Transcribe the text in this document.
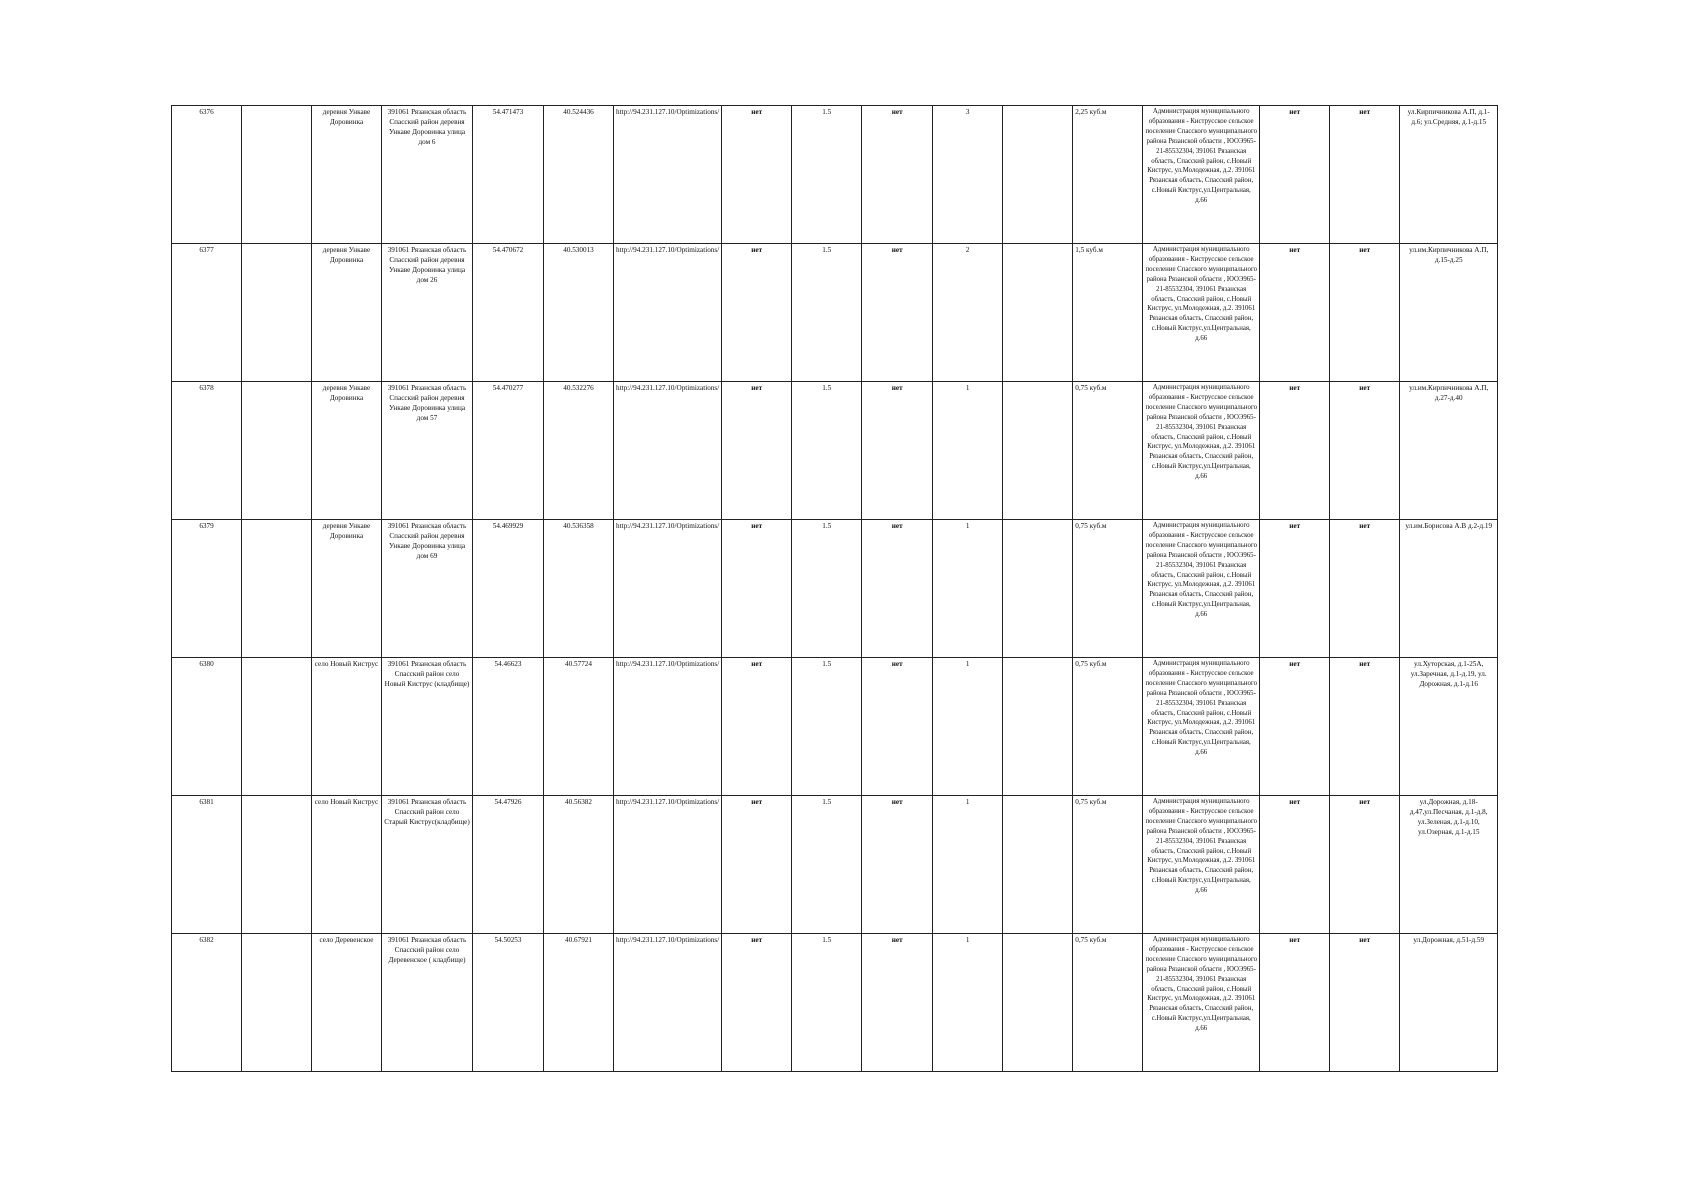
6376		деревня Ункаве Доровинка	391061 Рязанская область Спасский район деревня Ункаве Доровинка улица дом 6	54.471473	40.524436	http://94.231.127.10/Optimizations/	нет	1.5	нет	3		2,25 куб.м	Администрация муниципального образования - Киструсское сельское поселение Спасского муниципального района Рязанской области , ЮОЭ965-21-85532304, 391061 Рязанская область, Спасский район, с.Новый Киструс, ул.Молодежная, д.2. 391061 Рязанская область, Спасский район, с.Новый Киструс,ул.Центральная, д.66	нет	нет	ул.Кирпичникова А.П, д.1-д.6; ул.Средняя, д.1-д.15
6377		деревня Ункаве Доровинка	391061 Рязанская область Спасский район деревня Ункаве Доровинка улица дом 26	54.470672	40.530013	http://94.231.127.10/Optimizations/	нет	1.5	нет	2		1,5 куб.м	Администрация муниципального образования - Киструсское сельское поселение Спасского муниципального района Рязанской области , ЮОЭ965-21-85532304, 391061 Рязанская область, Спасский район, с.Новый Киструс, ул.Молодежная, д.2. 391061 Рязанская область, Спасский район, с.Новый Киструс,ул.Центральная, д.66	нет	нет	ул.им.Кирпичникова А.П, д.15-д.25
6378		деревня Ункаве Доровинка	391061 Рязанская область Спасский район деревня Ункаве Доровинка улица дом 57	54.470277	40.532276	http://94.231.127.10/Optimizations/	нет	1.5	нет	1		0,75 куб.м	Администрация муниципального образования - Киструсское сельское поселение Спасского муниципального района Рязанской области , ЮОЭ965-21-85532304, 391061 Рязанская область, Спасский район, с.Новый Киструс, ул.Молодежная, д.2. 391061 Рязанская область, Спасский район, с.Новый Киструс,ул.Центральная, д.66	нет	нет	ул.им.Кирпичникова А.П, д.27-д.40
6379		деревня Ункаве Доровинка	391061 Рязанская область Спасский район деревня Ункаве Доровинка улица дом 69	54.469929	40.536358	http://94.231.127.10/Optimizations/	нет	1.5	нет	1		0,75 куб.м	Администрация муниципального образования - Киструсское сельское поселение Спасского муниципального района Рязанской области , ЮОЭ965-21-85532304, 391061 Рязанская область, Спасский район, с.Новый Киструс, ул.Молодежная, д.2. 391061 Рязанская область, Спасский район, с.Новый Киструс,ул.Центральная, д.66	нет	нет	ул.им.Борисова А.В д.2-д.19
6380		село Новый Киструс	391061 Рязанская область Спасский район село Новый Киструс (кладбище)	54.46623	40.57724	http://94.231.127.10/Optimizations/	нет	1.5	нет	1		0,75 куб.м	Администрация муниципального образования - Киструсское сельское поселение Спасского муниципального района Рязанской области , ЮОЭ965-21-85532304, 391061 Рязанская область, Спасский район, с.Новый Киструс, ул.Молодежная, д.2. 391061 Рязанская область, Спасский район, с.Новый Киструс,ул.Центральная, д.66	нет	нет	ул.Хуторская, д.1-25А, ул.Заречная, д.1-д.19, ул. Дорожная, д.1-д.16
6381		село Новый Киструс	391061 Рязанская область Спасский район село Старый Киструс(кладбище)	54.47926	40.56382	http://94.231.127.10/Optimizations/	нет	1.5	нет	1		0,75 куб.м	Администрация муниципального образования - Киструсское сельское поселение Спасского муниципального района Рязанской области , ЮОЭ965-21-85532304, 391061 Рязанская область, Спасский район, с.Новый Киструс, ул.Молодежная, д.2. 391061 Рязанская область, Спасский район, с.Новый Киструс,ул.Центральная, д.66	нет	нет	ул.Дорожная, д.18-д.47,ул.Песчаная, д.1-д.8, ул.Зеленая, д.1-д.10, ул.Озерная, д.1-д.15
6382		село Деревенское	391061 Рязанская область Спасский район село Деревенское ( кладбище)	54.50253	40.67921	http://94.231.127.10/Optimizations/	нет	1.5	нет	1		0,75 куб.м	Администрация муниципального образования - Киструсское сельское поселение Спасского муниципального района Рязанской области , ЮОЭ965-21-85532304, 391061 Рязанская область, Спасский район, с.Новый Киструс, ул.Молодежная, д.2. 391061 Рязанская область, Спасский район, с.Новый Киструс,ул.Центральная, д.66	нет	нет	ул.Дорожная, д.51-д.59
